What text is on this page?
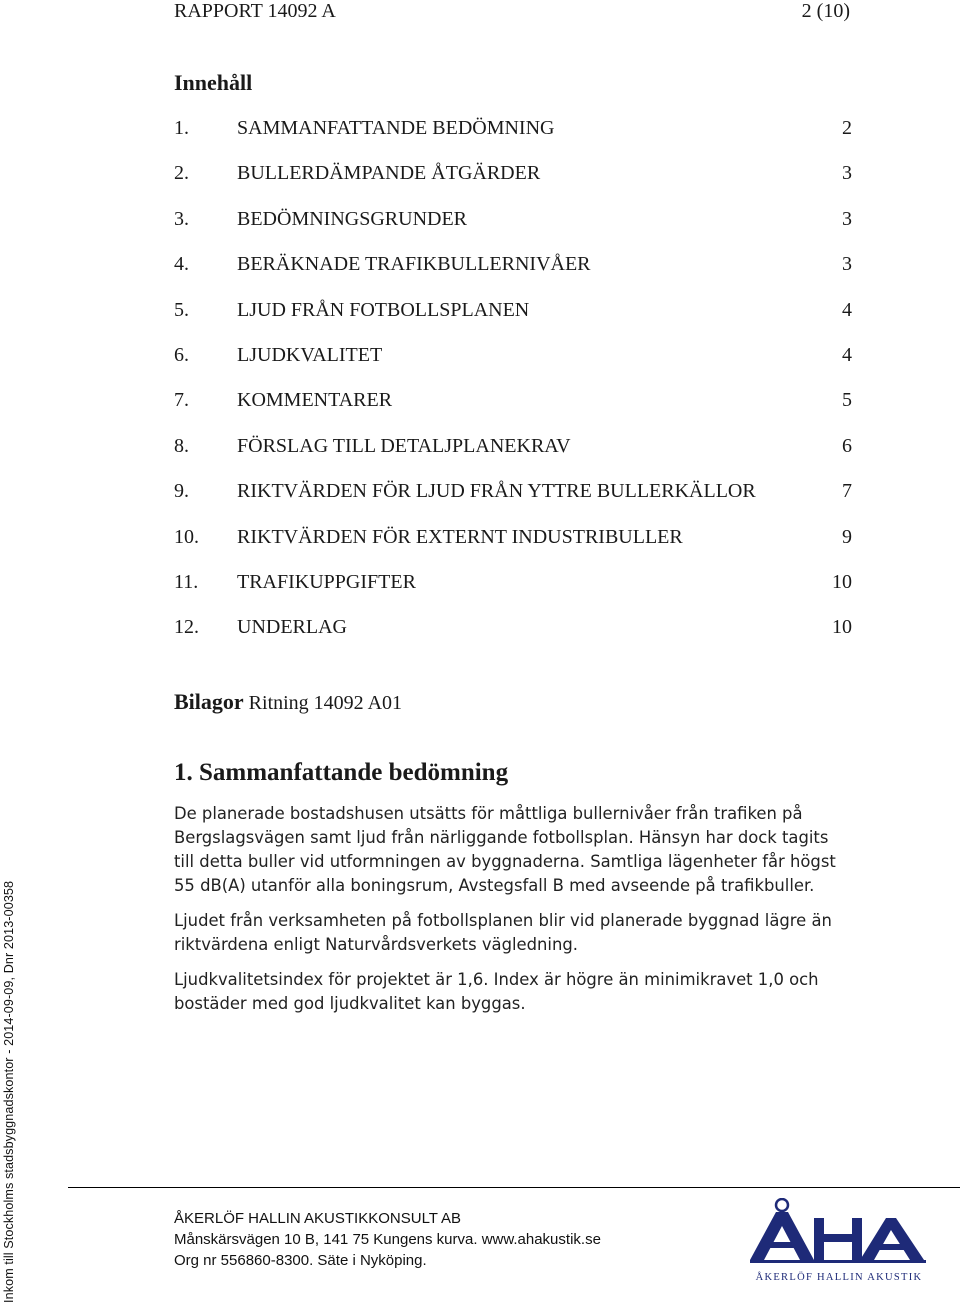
RAPPORT 14092 A	2 (10)
Innehåll
1. SAMMANFATTANDE BEDÖMNING	2
2. BULLERDÄMPANDE ÅTGÄRDER	3
3. BEDÖMNINGSGRUNDER	3
4. BERÄKNADE TRAFIKBULLERNIVÅER	3
5. LJUD FRÅN FOTBOLLSPLANEN	4
6. LJUDKVALITET	4
7. KOMMENTARER	5
8. FÖRSLAG TILL DETALJPLANEKRAV	6
9. RIKTVÄRDEN FÖR LJUD FRÅN YTTRE BULLERKÄLLOR	7
10. RIKTVÄRDEN FÖR EXTERNT INDUSTRIBULLER	9
11. TRAFIKUPPGIFTER	10
12. UNDERLAG	10
Bilagor Ritning 14092 A01
1. Sammanfattande bedömning

De planerade bostadshusen utsätts för måttliga bullernivåer från trafiken på
Bergslagsvägen samt ljud från närliggande fotbollsplan. Hänsyn har dock tagits
till detta buller vid utformningen av byggnaderna. Samtliga lägenheter får högst
55 dB(A) utanför alla boningsrum, Avstegsfall B med avseende på trafikbuller.

Ljudet från verksamheten på fotbollsplanen blir vid planerade byggnad lägre än
riktvärdena enligt Naturvårdsverkets vägledning.

Ljudkvalitetsindex för projektet är 1,6. Index är högre än minimikravet 1,0 och
bostäder med god ljudkvalitet kan byggas.

Inkom till Stockholms stadsbyggnadskontor - 2014-09-09, Dnr 2013-00358	ÅKERLÖF HALLIN AKUSTIKKONSULT AB
Månskärsvägen 10 B, 141 75 Kungens kurva. www.ahakustik.se
Org nr 556860-8300. Säte i Nyköping.
ÅKERLÖF HALLIN AKUSTIK
